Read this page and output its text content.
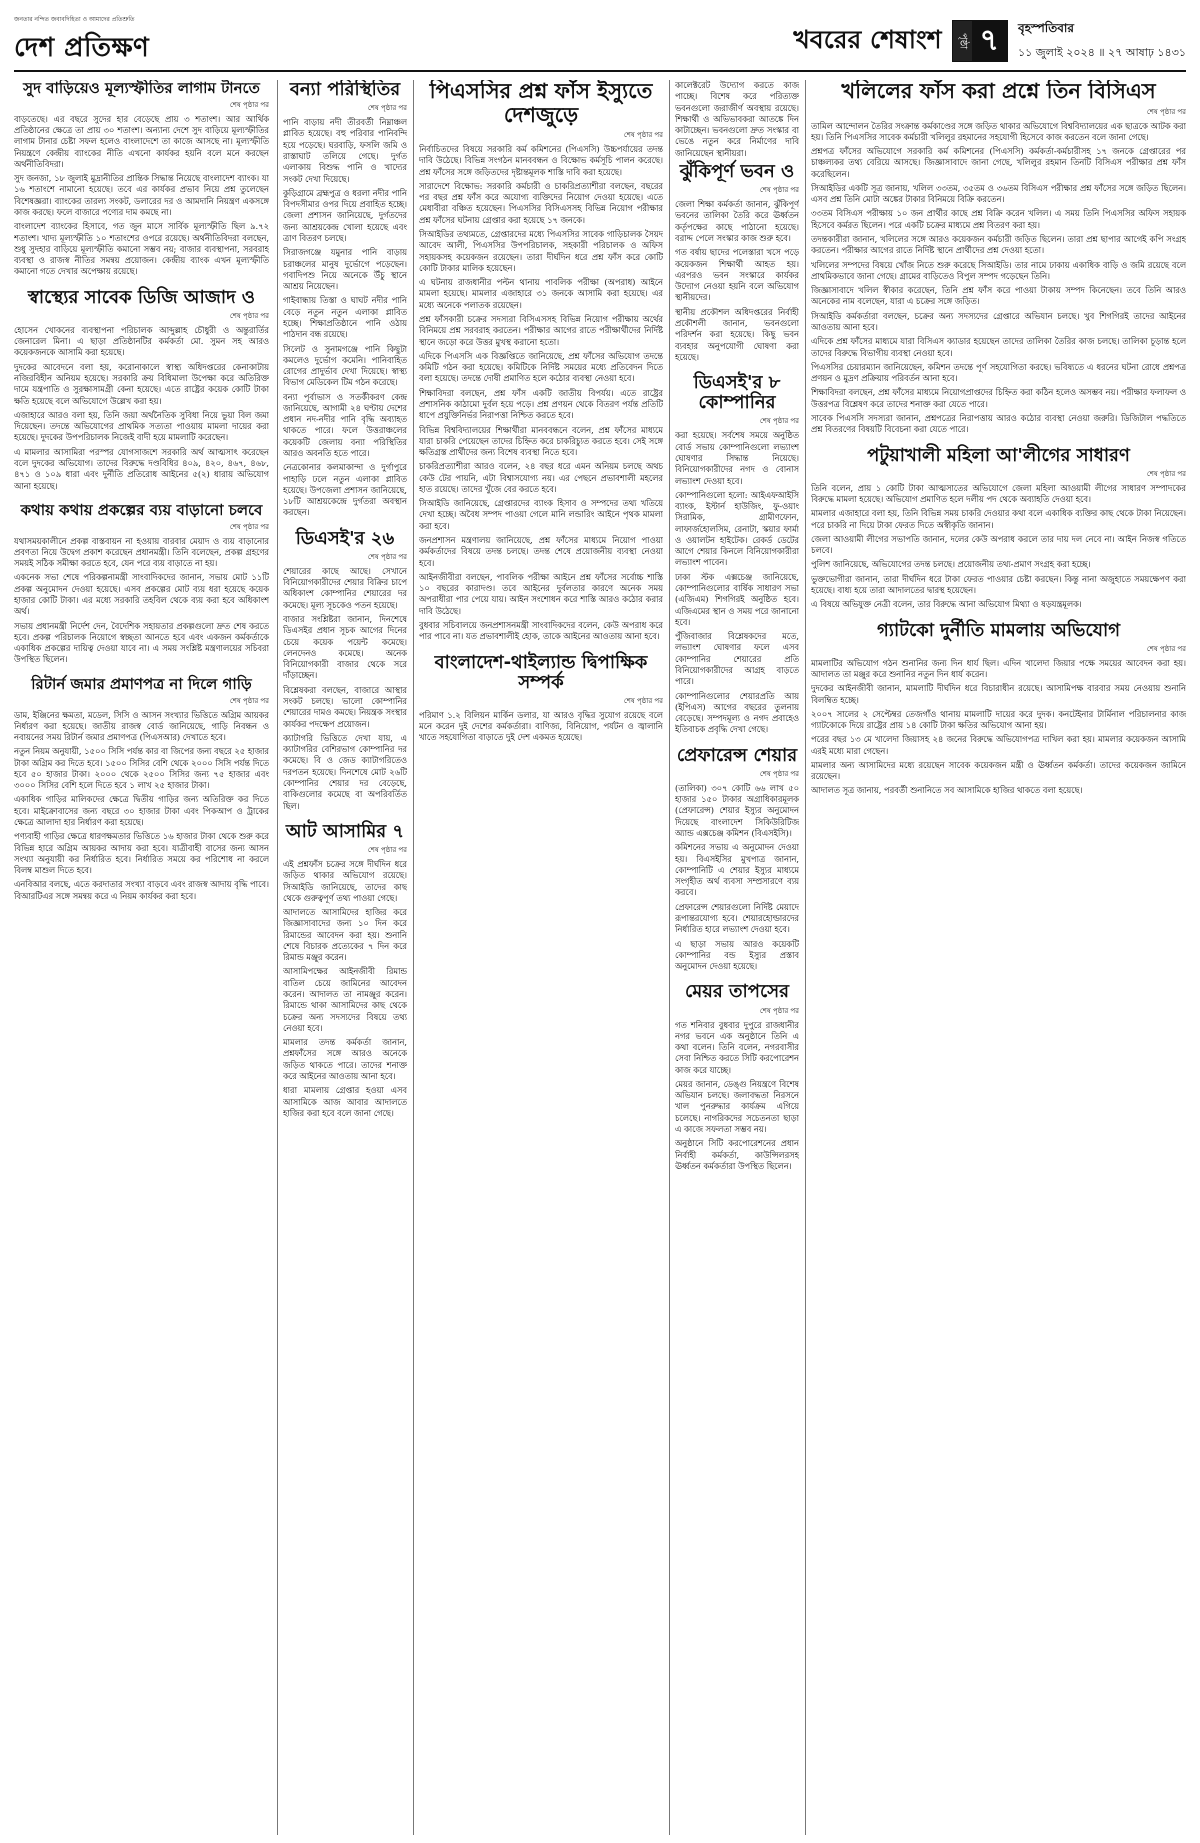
জনতার নন্দিত জবাবদিহিতা ও আমাদের প্রতিশ্রুতি
দেশ প্রতিক্ষণ	খবরের শেষাংশ	পৃষ্ঠা ৭	বৃহস্পতিবার
১১ জুলাই ২০২৪ ॥ ২৭ আষাঢ় ১৪৩১
সুদ বাড়িয়েও মূল্যস্ফীতির লাগাম টানতে
শেষ পৃষ্ঠার পর

বাড়তেছে। এর বছরে সুদের হার বেড়েছে প্রায় ৩ শতাংশ। আর আর্থিক প্রতিষ্ঠানের ক্ষেত্রে তা প্রায় ৩০ শতাংশ। অন্যান্য দেশে সুদ বাড়িয়ে মূল্যস্ফীতির লাগাম টানার চেষ্টা সফল হলেও বাংলাদেশে তা কাজে আসছে না। মূল্যস্ফীতি নিয়ন্ত্রণে কেন্দ্রীয় ব্যাংকের নীতি এখনো কার্যকর হয়নি বলে মনে করছেন অর্থনীতিবিদরা।

সুদ জনজা, ১৮ জুলাই মুদ্রানীতির প্রান্তিক সিদ্ধান্ত নিয়েছে বাংলাদেশ ব্যাংক। যা ১৬ শতাংশে নামানো হয়েছে। তবে এর কার্যকর প্রভাব নিয়ে প্রশ্ন তুলেছেন বিশেষজ্ঞরা। ব্যাংকের তারল্য সংকট, ডলারের দর ও আমদানি নিয়ন্ত্রণ একসঙ্গে কাজ করছে। ফলে বাজারে পণ্যের দাম কমছে না।

বাংলাদেশ ব্যাংকের হিসাবে, গত জুন মাসে সার্বিক মূল্যস্ফীতি ছিল ৯.৭২ শতাংশ। খাদ্য মূল্যস্ফীতি ১০ শতাংশের ওপরে রয়েছে। অর্থনীতিবিদরা বলছেন, শুধু সুদহার বাড়িয়ে মূল্যস্ফীতি কমানো সম্ভব নয়; বাজার ব্যবস্থাপনা, সরবরাহ ব্যবস্থা ও রাজস্ব নীতির সমন্বয় প্রয়োজন। কেন্দ্রীয় ব্যাংক এখন মূল্যস্ফীতি কমানো গতে দেখার অপেক্ষায় রয়েছে।

স্বাস্থ্যের সাবেক ডিজি আজাদ ও
শেষ পৃষ্ঠার পর

হোসেন খোকনের ব্যবস্থাপনা পরিচালক আব্দুল্লাহ চৌধুরী ও অন্তুরার্তির জেনারেল মিনা। এ ছাড়া প্রতিষ্ঠানটির কর্মকর্তা মো. সুমন সহ আরও কয়েকজনকে আসামি করা হয়েছে।

দুদকের আবেদনে বলা হয়, করোনাকালে স্বাস্থ্য অধিদপ্তরের কেনাকাটায় নজিরবিহীন অনিয়ম হয়েছে। সরকারি ক্রয় বিধিমালা উপেক্ষা করে অতিরিক্ত দামে যন্ত্রপাতি ও সুরক্ষাসামগ্রী কেনা হয়েছে। এতে রাষ্ট্রের কয়েক কোটি টাকা ক্ষতি হয়েছে বলে অভিযোগে উল্লেখ করা হয়।

এজাহারে আরও বলা হয়, তিনি জয়া অর্থনৈতিক সুবিধা নিয়ে ভুয়া বিল জমা দিয়েছেন। তদন্তে অভিযোগের প্রাথমিক সত্যতা পাওয়ায় মামলা দায়ের করা হয়েছে। দুদকের উপপরিচালক নিজেই বাদী হয়ে মামলাটি করেছেন।

এ মামলার আসামিরা পরস্পর যোগসাজশে সরকারি অর্থ আত্মসাৎ করেছেন বলে দুদকের অভিযোগ। তাদের বিরুদ্ধে দণ্ডবিধির ৪০৯, ৪২০, ৪৬৭, ৪৬৮, ৪৭১ ও ১০৯ ধারা এবং দুর্নীতি প্রতিরোধ আইনের ৫(২) ধারায় অভিযোগ আনা হয়েছে।

কথায় কথায় প্রকল্পের ব্যয় বাড়ানো চলবে
শেষ পৃষ্ঠার পর

যথাসময়কালীনে প্রকল্প বাস্তবায়ন না হওয়ায় বারবার মেয়াদ ও ব্যয় বাড়ানোর প্রবণতা নিয়ে উদ্বেগ প্রকাশ করেছেন প্রধানমন্ত্রী। তিনি বলেছেন, প্রকল্প গ্রহণের সময়ই সঠিক সমীক্ষা করতে হবে, যেন পরে ব্যয় বাড়াতে না হয়।

একনেক সভা শেষে পরিকল্পনামন্ত্রী সাংবাদিকদের জানান, সভায় মোট ১১টি প্রকল্প অনুমোদন দেওয়া হয়েছে। এসব প্রকল্পের মোট ব্যয় ধরা হয়েছে কয়েক হাজার কোটি টাকা। এর মধ্যে সরকারি তহবিল থেকে ব্যয় করা হবে অধিকাংশ অর্থ।

সভায় প্রধানমন্ত্রী নির্দেশ দেন, বৈদেশিক সহায়তার প্রকল্পগুলো দ্রুত শেষ করতে হবে। প্রকল্প পরিচালক নিয়োগে স্বচ্ছতা আনতে হবে এবং একজন কর্মকর্তাকে একাধিক প্রকল্পের দায়িত্ব দেওয়া যাবে না। এ সময় সংশ্লিষ্ট মন্ত্রণালয়ের সচিবরা উপস্থিত ছিলেন।

রিটার্ন জমার প্রমাণপত্র না দিলে গাড়ি
শেষ পৃষ্ঠার পর

ডাম, ইঞ্জিনের ক্ষমতা, মডেল, সিসি ও আসন সংখ্যার ভিত্তিতে অগ্রিম আয়কর নির্ধারণ করা হয়েছে। জাতীয় রাজস্ব বোর্ড জানিয়েছে, গাড়ি নিবন্ধন ও নবায়নের সময় রিটার্ন জমার প্রমাণপত্র (পিএসআর) দেখাতে হবে।

নতুন নিয়ম অনুযায়ী, ১৫০০ সিসি পর্যন্ত কার বা জিপের জন্য বছরে ২৫ হাজার টাকা অগ্রিম কর দিতে হবে। ১৫০০ সিসির বেশি থেকে ২০০০ সিসি পর্যন্ত দিতে হবে ৫০ হাজার টাকা। ২০০০ থেকে ২৫০০ সিসির জন্য ৭৫ হাজার এবং ৩০০০ সিসির বেশি হলে দিতে হবে ১ লাখ ২৫ হাজার টাকা।

একাধিক গাড়ির মালিকদের ক্ষেত্রে দ্বিতীয় গাড়ির জন্য অতিরিক্ত কর দিতে হবে। মাইক্রোবাসের জন্য বছরে ৩০ হাজার টাকা এবং পিকআপ ও ট্রাকের ক্ষেত্রে আলাদা হার নির্ধারণ করা হয়েছে।

পণ্যবাহী গাড়ির ক্ষেত্রে ধারণক্ষমতার ভিত্তিতে ১৬ হাজার টাকা থেকে শুরু করে বিভিন্ন হারে অগ্রিম আয়কর আদায় করা হবে। যাত্রীবাহী বাসের জন্য আসন সংখ্যা অনুযায়ী কর নির্ধারিত হবে। নির্ধারিত সময়ে কর পরিশোধ না করলে বিলম্ব মাশুল দিতে হবে।

এনবিআর বলছে, এতে করদাতার সংখ্যা বাড়বে এবং রাজস্ব আদায় বৃদ্ধি পাবে। বিআরটিএর সঙ্গে সমন্বয় করে এ নিয়ম কার্যকর করা হবে।

বন্যা পরিস্থিতির
শেষ পৃষ্ঠার পর

পানি বাড়ায় নদী তীরবর্তী নিম্নাঞ্চল প্লাবিত হয়েছে। বহু পরিবার পানিবন্দি হয়ে পড়েছে। ঘরবাড়ি, ফসলি জমি ও রাস্তাঘাট তলিয়ে গেছে। দুর্গত এলাকায় বিশুদ্ধ পানি ও খাদ্যের সংকট দেখা দিয়েছে।

কুড়িগ্রামে ব্রহ্মপুত্র ও ধরলা নদীর পানি বিপদসীমার ওপর দিয়ে প্রবাহিত হচ্ছে। জেলা প্রশাসন জানিয়েছে, দুর্গতদের জন্য আশ্রয়কেন্দ্র খোলা হয়েছে এবং ত্রাণ বিতরণ চলছে।

সিরাজগঞ্জে যমুনার পানি বাড়ায় চরাঞ্চলের মানুষ দুর্ভোগে পড়েছেন। গবাদিপশু নিয়ে অনেকে উঁচু স্থানে আশ্রয় নিয়েছেন।

গাইবান্ধায় তিস্তা ও ঘাঘট নদীর পানি বেড়ে নতুন নতুন এলাকা প্লাবিত হচ্ছে। শিক্ষাপ্রতিষ্ঠানে পানি ওঠায় পাঠদান বন্ধ রয়েছে।

সিলেট ও সুনামগঞ্জে পানি কিছুটা কমলেও দুর্ভোগ কমেনি। পানিবাহিত রোগের প্রাদুর্ভাব দেখা দিয়েছে। স্বাস্থ্য বিভাগ মেডিকেল টিম গঠন করেছে।

বন্যা পূর্বাভাস ও সতর্কীকরণ কেন্দ্র জানিয়েছে, আগামী ২৪ ঘণ্টায় দেশের প্রধান নদ-নদীর পানি বৃদ্ধি অব্যাহত থাকতে পারে। ফলে উত্তরাঞ্চলের কয়েকটি জেলায় বন্যা পরিস্থিতির আরও অবনতি হতে পারে।

নেত্রকোনার কলমাকান্দা ও দুর্গাপুরে পাহাড়ি ঢলে নতুন এলাকা প্লাবিত হয়েছে। উপজেলা প্রশাসন জানিয়েছে, ১৮টি আশ্রয়কেন্দ্রে দুর্গতরা অবস্থান করছেন।

ডিএসই'র ২৬
শেষ পৃষ্ঠার পর

শেয়ারের কাছে আছে। সেখানে বিনিয়োগকারীদের শেয়ার বিক্রির চাপে অধিকাংশ কোম্পানির শেয়ারের দর কমেছে। মূল্য সূচকেও পতন হয়েছে।

বাজার সংশ্লিষ্টরা জানান, দিনশেষে ডিএসইর প্রধান সূচক আগের দিনের চেয়ে কয়েক পয়েন্ট কমেছে। লেনদেনও কমেছে। অনেক বিনিয়োগকারী বাজার থেকে সরে দাঁড়াচ্ছেন।

বিশ্লেষকরা বলছেন, বাজারে আস্থার সংকট চলছে। ভালো কোম্পানির শেয়ারের দামও কমছে। নিয়ন্ত্রক সংস্থার কার্যকর পদক্ষেপ প্রয়োজন।

ক্যাটাগরি ভিত্তিতে দেখা যায়, এ ক্যাটাগরির বেশিরভাগ কোম্পানির দর কমেছে। বি ও জেড ক্যাটাগরিতেও দরপতন হয়েছে। দিনশেষে মোট ২৬টি কোম্পানির শেয়ার দর বেড়েছে, বাকিগুলোর কমেছে বা অপরিবর্তিত ছিল।

আট আসামির ৭
শেষ পৃষ্ঠার পর

এই প্রশ্নফাঁস চক্রের সঙ্গে দীর্ঘদিন ধরে জড়িত থাকার অভিযোগ রয়েছে। সিআইডি জানিয়েছে, তাদের কাছ থেকে গুরুত্বপূর্ণ তথ্য পাওয়া গেছে।

আদালতে আসামিদের হাজির করে জিজ্ঞাসাবাদের জন্য ১০ দিন করে রিমান্ডের আবেদন করা হয়। শুনানি শেষে বিচারক প্রত্যেকের ৭ দিন করে রিমান্ড মঞ্জুর করেন।

আসামিপক্ষের আইনজীবী রিমান্ড বাতিল চেয়ে জামিনের আবেদন করেন। আদালত তা নামঞ্জুর করেন। রিমান্ডে থাকা আসামিদের কাছ থেকে চক্রের অন্য সদস্যদের বিষয়ে তথ্য নেওয়া হবে।

মামলার তদন্ত কর্মকর্তা জানান, প্রশ্নফাঁসের সঙ্গে আরও অনেকে জড়িত থাকতে পারে। তাদের শনাক্ত করে আইনের আওতায় আনা হবে।

ধারা মামলায় গ্রেপ্তার হওয়া এসব আসামিকে আজ আবার আদালতে হাজির করা হবে বলে জানা গেছে।

পিএসসির প্রশ্ন ফাঁস ইস্যুতে দেশজুড়ে
শেষ পৃষ্ঠার পর

নির্বাচিতদের বিষয়ে সরকারি কর্ম কমিশনের (পিএসসি) উচ্চপর্যায়ের তদন্ত দাবি উঠেছে। বিভিন্ন সংগঠন মানববন্ধন ও বিক্ষোভ কর্মসূচি পালন করেছে। প্রশ্ন ফাঁসের সঙ্গে জড়িতদের দৃষ্টান্তমূলক শাস্তি দাবি করা হয়েছে।

সারাদেশে বিক্ষোভ: সরকারি কর্মচারী ও চাকরিপ্রত্যাশীরা বলছেন, বছরের পর বছর প্রশ্ন ফাঁস করে অযোগ্য ব্যক্তিদের নিয়োগ দেওয়া হয়েছে। এতে মেধাবীরা বঞ্চিত হয়েছেন। পিএসসির বিসিএসসহ বিভিন্ন নিয়োগ পরীক্ষার প্রশ্ন ফাঁসের ঘটনায় গ্রেপ্তার করা হয়েছে ১৭ জনকে।

সিআইডির তথ্যমতে, গ্রেপ্তারদের মধ্যে পিএসসির সাবেক গাড়িচালক সৈয়দ আবেদ আলী, পিএসসির উপপরিচালক, সহকারী পরিচালক ও অফিস সহায়কসহ কয়েকজন রয়েছেন। তারা দীর্ঘদিন ধরে প্রশ্ন ফাঁস করে কোটি কোটি টাকার মালিক হয়েছেন।

এ ঘটনায় রাজধানীর পল্টন থানায় পাবলিক পরীক্ষা (অপরাধ) আইনে মামলা হয়েছে। মামলার এজাহারে ৩১ জনকে আসামি করা হয়েছে। এর মধ্যে অনেকে পলাতক রয়েছেন।

প্রশ্ন ফাঁসকারী চক্রের সদস্যরা বিসিএসসহ বিভিন্ন নিয়োগ পরীক্ষায় অর্থের বিনিময়ে প্রশ্ন সরবরাহ করতেন। পরীক্ষার আগের রাতে পরীক্ষার্থীদের নির্দিষ্ট স্থানে জড়ো করে উত্তর মুখস্থ করানো হতো।

এদিকে পিএসসি এক বিজ্ঞপ্তিতে জানিয়েছে, প্রশ্ন ফাঁসের অভিযোগ তদন্তে কমিটি গঠন করা হয়েছে। কমিটিকে নির্দিষ্ট সময়ের মধ্যে প্রতিবেদন দিতে বলা হয়েছে। তদন্তে দোষী প্রমাণিত হলে কঠোর ব্যবস্থা নেওয়া হবে।

শিক্ষাবিদরা বলছেন, প্রশ্ন ফাঁস একটি জাতীয় বিপর্যয়। এতে রাষ্ট্রের প্রশাসনিক কাঠামো দুর্বল হয়ে পড়ে। প্রশ্ন প্রণয়ন থেকে বিতরণ পর্যন্ত প্রতিটি ধাপে প্রযুক্তিনির্ভর নিরাপত্তা নিশ্চিত করতে হবে।

বিভিন্ন বিশ্ববিদ্যালয়ের শিক্ষার্থীরা মানববন্ধনে বলেন, প্রশ্ন ফাঁসের মাধ্যমে যারা চাকরি পেয়েছেন তাদের চিহ্নিত করে চাকরিচ্যুত করতে হবে। সেই সঙ্গে ক্ষতিগ্রস্ত প্রার্থীদের জন্য বিশেষ ব্যবস্থা নিতে হবে।

চাকরিপ্রত্যাশীরা আরও বলেন, ২৪ বছর ধরে এমন অনিয়ম চলছে অথচ কেউ টের পায়নি, এটা বিশ্বাসযোগ্য নয়। এর পেছনে প্রভাবশালী মহলের হাত রয়েছে। তাদের খুঁজে বের করতে হবে।

সিআইডি জানিয়েছে, গ্রেপ্তারদের ব্যাংক হিসাব ও সম্পদের তথ্য খতিয়ে দেখা হচ্ছে। অবৈধ সম্পদ পাওয়া গেলে মানি লন্ডারিং আইনে পৃথক মামলা করা হবে।

জনপ্রশাসন মন্ত্রণালয় জানিয়েছে, প্রশ্ন ফাঁসের মাধ্যমে নিয়োগ পাওয়া কর্মকর্তাদের বিষয়ে তদন্ত চলছে। তদন্ত শেষে প্রয়োজনীয় ব্যবস্থা নেওয়া হবে।

আইনজীবীরা বলছেন, পাবলিক পরীক্ষা আইনে প্রশ্ন ফাঁসের সর্বোচ্চ শাস্তি ১০ বছরের কারাদণ্ড। তবে আইনের দুর্বলতার কারণে অনেক সময় অপরাধীরা পার পেয়ে যায়। আইন সংশোধন করে শাস্তি আরও কঠোর করার দাবি উঠেছে।

বুধবার সচিবালয়ে জনপ্রশাসনমন্ত্রী সাংবাদিকদের বলেন, কেউ অপরাধ করে পার পাবে না। যত প্রভাবশালীই হোক, তাকে আইনের আওতায় আনা হবে।

বাংলাদেশ-থাইল্যান্ড দ্বিপাক্ষিক সম্পর্ক
শেষ পৃষ্ঠার পর

পরিমাণ ১.২ বিলিয়ন মার্কিন ডলার, যা আরও বৃদ্ধির সুযোগ রয়েছে বলে মনে করেন দুই দেশের কর্মকর্তারা। বাণিজ্য, বিনিয়োগ, পর্যটন ও জ্বালানি খাতে সহযোগিতা বাড়াতে দুই দেশ একমত হয়েছে।

কালেক্টরেট উদ্যোগ করতে কাজ পাচ্ছে। বিশেষ করে পরিত্যক্ত ভবনগুলো জরাজীর্ণ অবস্থায় রয়েছে। শিক্ষার্থী ও অভিভাবকরা আতঙ্কে দিন কাটাচ্ছেন। ভবনগুলো দ্রুত সংস্কার বা ভেঙে নতুন করে নির্মাণের দাবি জানিয়েছেন স্থানীয়রা।

ঝুঁকিপূর্ণ ভবন ও
শেষ পৃষ্ঠার পর

জেলা শিক্ষা কর্মকর্তা জানান, ঝুঁকিপূর্ণ ভবনের তালিকা তৈরি করে ঊর্ধ্বতন কর্তৃপক্ষের কাছে পাঠানো হয়েছে। বরাদ্দ পেলে সংস্কার কাজ শুরু হবে।

গত বর্ষায় ছাদের পলেস্তারা খসে পড়ে কয়েকজন শিক্ষার্থী আহত হয়। এরপরও ভবন সংস্কারে কার্যকর উদ্যোগ নেওয়া হয়নি বলে অভিযোগ স্থানীয়দের।

স্থানীয় প্রকৌশল অধিদপ্তরের নির্বাহী প্রকৌশলী জানান, ভবনগুলো পরিদর্শন করা হয়েছে। কিছু ভবন ব্যবহার অনুপযোগী ঘোষণা করা হয়েছে।

ডিএসই'র ৮ কোম্পানির
শেষ পৃষ্ঠার পর

করা হয়েছে। সর্বশেষ সময়ে অনুষ্ঠিত বোর্ড সভায় কোম্পানিগুলো লভ্যাংশ ঘোষণার সিদ্ধান্ত নিয়েছে। বিনিয়োগকারীদের নগদ ও বোনাস লভ্যাংশ দেওয়া হবে।

কোম্পানিগুলো হলো: আইএফআইসি ব্যাংক, ইস্টার্ন হাউজিং, ফু-ওয়াং সিরামিক, গ্রামীণফোন, লাফার্জহোলসিম, রেনাটা, স্কয়ার ফার্মা ও ওয়ালটন হাইটেক। রেকর্ড ডেটের আগে শেয়ার কিনলে বিনিয়োগকারীরা লভ্যাংশ পাবেন।

ঢাকা স্টক এক্সচেঞ্জ জানিয়েছে, কোম্পানিগুলোর বার্ষিক সাধারণ সভা (এজিএম) শিগগিরই অনুষ্ঠিত হবে। এজিএমের স্থান ও সময় পরে জানানো হবে।

পুঁজিবাজার বিশ্লেষকদের মতে, লভ্যাংশ ঘোষণার ফলে এসব কোম্পানির শেয়ারের প্রতি বিনিয়োগকারীদের আগ্রহ বাড়তে পারে।

কোম্পানিগুলোর শেয়ারপ্রতি আয় (ইপিএস) আগের বছরের তুলনায় বেড়েছে। সম্পদমূল্য ও নগদ প্রবাহেও ইতিবাচক প্রবৃদ্ধি দেখা গেছে।

প্রেফারেন্স শেয়ার
শেষ পৃষ্ঠার পর

(তালিকা) ৩০৭ কোটি ৬৬ লাখ ৫০ হাজার ১৫০ টাকার অগ্রাধিকারমূলক (প্রেফারেন্স) শেয়ার ইস্যুর অনুমোদন দিয়েছে বাংলাদেশ সিকিউরিটিজ অ্যান্ড এক্সচেঞ্জ কমিশন (বিএসইসি)।

কমিশনের সভায় এ অনুমোদন দেওয়া হয়। বিএসইসির মুখপাত্র জানান, কোম্পানিটি এ শেয়ার ইস্যুর মাধ্যমে সংগৃহীত অর্থ ব্যবসা সম্প্রসারণে ব্যয় করবে।

প্রেফারেন্স শেয়ারগুলো নির্দিষ্ট মেয়াদে রূপান্তরযোগ্য হবে। শেয়ারহোল্ডারদের নির্ধারিত হারে লভ্যাংশ দেওয়া হবে।

এ ছাড়া সভায় আরও কয়েকটি কোম্পানির বন্ড ইস্যুর প্রস্তাব অনুমোদন দেওয়া হয়েছে।

মেয়র তাপসের
শেষ পৃষ্ঠার পর

গত শনিবার বুধবার দুপুরে রাজধানীর নগর ভবনে এক অনুষ্ঠানে তিনি এ কথা বলেন। তিনি বলেন, নগরবাসীর সেবা নিশ্চিত করতে সিটি করপোরেশন কাজ করে যাচ্ছে।

মেয়র জানান, ডেঙ্গু নিয়ন্ত্রণে বিশেষ অভিযান চলছে। জলাবদ্ধতা নিরসনে খাল পুনরুদ্ধার কার্যক্রম এগিয়ে চলেছে। নাগরিকদের সচেতনতা ছাড়া এ কাজে সফলতা সম্ভব নয়।

অনুষ্ঠানে সিটি করপোরেশনের প্রধান নির্বাহী কর্মকর্তা, কাউন্সিলরসহ ঊর্ধ্বতন কর্মকর্তারা উপস্থিত ছিলেন।

খলিলের ফাঁস করা প্রশ্নে তিন বিসিএস
শেষ পৃষ্ঠার পর

তামিল আন্দোলন তৈরির সংক্রান্ত কর্মকাণ্ডের সঙ্গে জড়িত থাকার অভিযোগে বিশ্ববিদ্যালয়ের এক ছাত্রকে আটক করা হয়। তিনি পিএসসির সাবেক কর্মচারী খলিলুর রহমানের সহযোগী হিসেবে কাজ করতেন বলে জানা গেছে।

প্রশ্নপত্র ফাঁসের অভিযোগে সরকারি কর্ম কমিশনের (পিএসসি) কর্মকর্তা-কর্মচারীসহ ১৭ জনকে গ্রেপ্তারের পর চাঞ্চল্যকর তথ্য বেরিয়ে আসছে। জিজ্ঞাসাবাদে জানা গেছে, খলিলুর রহমান তিনটি বিসিএস পরীক্ষার প্রশ্ন ফাঁস করেছিলেন।

সিআইডির একটি সূত্র জানায়, খলিল ৩৩তম, ৩৫তম ও ৩৬তম বিসিএস পরীক্ষার প্রশ্ন ফাঁসের সঙ্গে জড়িত ছিলেন। এসব প্রশ্ন তিনি মোটা অঙ্কের টাকার বিনিময়ে বিক্রি করতেন।

৩৩তম বিসিএস পরীক্ষায় ১০ জন প্রার্থীর কাছে প্রশ্ন বিক্রি করেন খলিল। এ সময় তিনি পিএসসির অফিস সহায়ক হিসেবে কর্মরত ছিলেন। পরে একটি চক্রের মাধ্যমে প্রশ্ন বিতরণ করা হয়।

তদন্তকারীরা জানান, খলিলের সঙ্গে আরও কয়েকজন কর্মচারী জড়িত ছিলেন। তারা প্রশ্ন ছাপার আগেই কপি সংগ্রহ করতেন। পরীক্ষার আগের রাতে নির্দিষ্ট স্থানে প্রার্থীদের প্রশ্ন দেওয়া হতো।

খলিলের সম্পদের বিষয়ে খোঁজ নিতে শুরু করেছে সিআইডি। তার নামে ঢাকায় একাধিক বাড়ি ও জমি রয়েছে বলে প্রাথমিকভাবে জানা গেছে। গ্রামের বাড়িতেও বিপুল সম্পদ গড়েছেন তিনি।

জিজ্ঞাসাবাদে খলিল স্বীকার করেছেন, তিনি প্রশ্ন ফাঁস করে পাওয়া টাকায় সম্পদ কিনেছেন। তবে তিনি আরও অনেকের নাম বলেছেন, যারা এ চক্রের সঙ্গে জড়িত।

সিআইডি কর্মকর্তারা বলছেন, চক্রের অন্য সদস্যদের গ্রেপ্তারে অভিযান চলছে। খুব শিগগিরই তাদের আইনের আওতায় আনা হবে।

এদিকে প্রশ্ন ফাঁসের মাধ্যমে যারা বিসিএস ক্যাডার হয়েছেন তাদের তালিকা তৈরির কাজ চলছে। তালিকা চূড়ান্ত হলে তাদের বিরুদ্ধে বিভাগীয় ব্যবস্থা নেওয়া হবে।

পিএসসির চেয়ারম্যান জানিয়েছেন, কমিশন তদন্তে পূর্ণ সহযোগিতা করছে। ভবিষ্যতে এ ধরনের ঘটনা রোধে প্রশ্নপত্র প্রণয়ন ও মুদ্রণ প্রক্রিয়ায় পরিবর্তন আনা হবে।

শিক্ষাবিদরা বলছেন, প্রশ্ন ফাঁসের মাধ্যমে নিয়োগপ্রাপ্তদের চিহ্নিত করা কঠিন হলেও অসম্ভব নয়। পরীক্ষার ফলাফল ও উত্তরপত্র বিশ্লেষণ করে তাদের শনাক্ত করা যেতে পারে।

সাবেক পিএসসি সদস্যরা জানান, প্রশ্নপত্রের নিরাপত্তায় আরও কঠোর ব্যবস্থা নেওয়া জরুরি। ডিজিটাল পদ্ধতিতে প্রশ্ন বিতরণের বিষয়টি বিবেচনা করা যেতে পারে।

পটুয়াখালী মহিলা আ'লীগের সাধারণ
শেষ পৃষ্ঠার পর

তিনি বলেন, প্রায় ১ কোটি টাকা আত্মসাতের অভিযোগে জেলা মহিলা আওয়ামী লীগের সাধারণ সম্পাদকের বিরুদ্ধে মামলা হয়েছে। অভিযোগ প্রমাণিত হলে দলীয় পদ থেকে অব্যাহতি দেওয়া হবে।

মামলার এজাহারে বলা হয়, তিনি বিভিন্ন সময় চাকরি দেওয়ার কথা বলে একাধিক ব্যক্তির কাছ থেকে টাকা নিয়েছেন। পরে চাকরি না দিয়ে টাকা ফেরত দিতে অস্বীকৃতি জানান।

জেলা আওয়ামী লীগের সভাপতি জানান, দলের কেউ অপরাধ করলে তার দায় দল নেবে না। আইন নিজস্ব গতিতে চলবে।

পুলিশ জানিয়েছে, অভিযোগের তদন্ত চলছে। প্রয়োজনীয় তথ্য-প্রমাণ সংগ্রহ করা হচ্ছে।

ভুক্তভোগীরা জানান, তারা দীর্ঘদিন ধরে টাকা ফেরত পাওয়ার চেষ্টা করছেন। কিন্তু নানা অজুহাতে সময়ক্ষেপণ করা হয়েছে। বাধ্য হয়ে তারা আদালতের দ্বারস্থ হয়েছেন।

এ বিষয়ে অভিযুক্ত নেত্রী বলেন, তার বিরুদ্ধে আনা অভিযোগ মিথ্যা ও ষড়যন্ত্রমূলক।

গ্যাটকো দুর্নীতি মামলায় অভিযোগ
শেষ পৃষ্ঠার পর

মামলাটির অভিযোগ গঠন শুনানির জন্য দিন ধার্য ছিল। এদিন খালেদা জিয়ার পক্ষে সময়ের আবেদন করা হয়। আদালত তা মঞ্জুর করে শুনানির নতুন দিন ধার্য করেন।

দুদকের আইনজীবী জানান, মামলাটি দীর্ঘদিন ধরে বিচারাধীন রয়েছে। আসামিপক্ষ বারবার সময় নেওয়ায় শুনানি বিলম্বিত হচ্ছে।

২০০৭ সালের ২ সেপ্টেম্বর তেজগাঁও থানায় মামলাটি দায়ের করে দুদক। কনটেইনার টার্মিনাল পরিচালনার কাজ গ্যাটকোকে দিয়ে রাষ্ট্রের প্রায় ১৪ কোটি টাকা ক্ষতির অভিযোগ আনা হয়।

পরের বছর ১৩ মে খালেদা জিয়াসহ ২৪ জনের বিরুদ্ধে অভিযোগপত্র দাখিল করা হয়। মামলার কয়েকজন আসামি এরই মধ্যে মারা গেছেন।

মামলার অন্য আসামিদের মধ্যে রয়েছেন সাবেক কয়েকজন মন্ত্রী ও ঊর্ধ্বতন কর্মকর্তা। তাদের কয়েকজন জামিনে রয়েছেন।

আদালত সূত্র জানায়, পরবর্তী শুনানিতে সব আসামিকে হাজির থাকতে বলা হয়েছে।
